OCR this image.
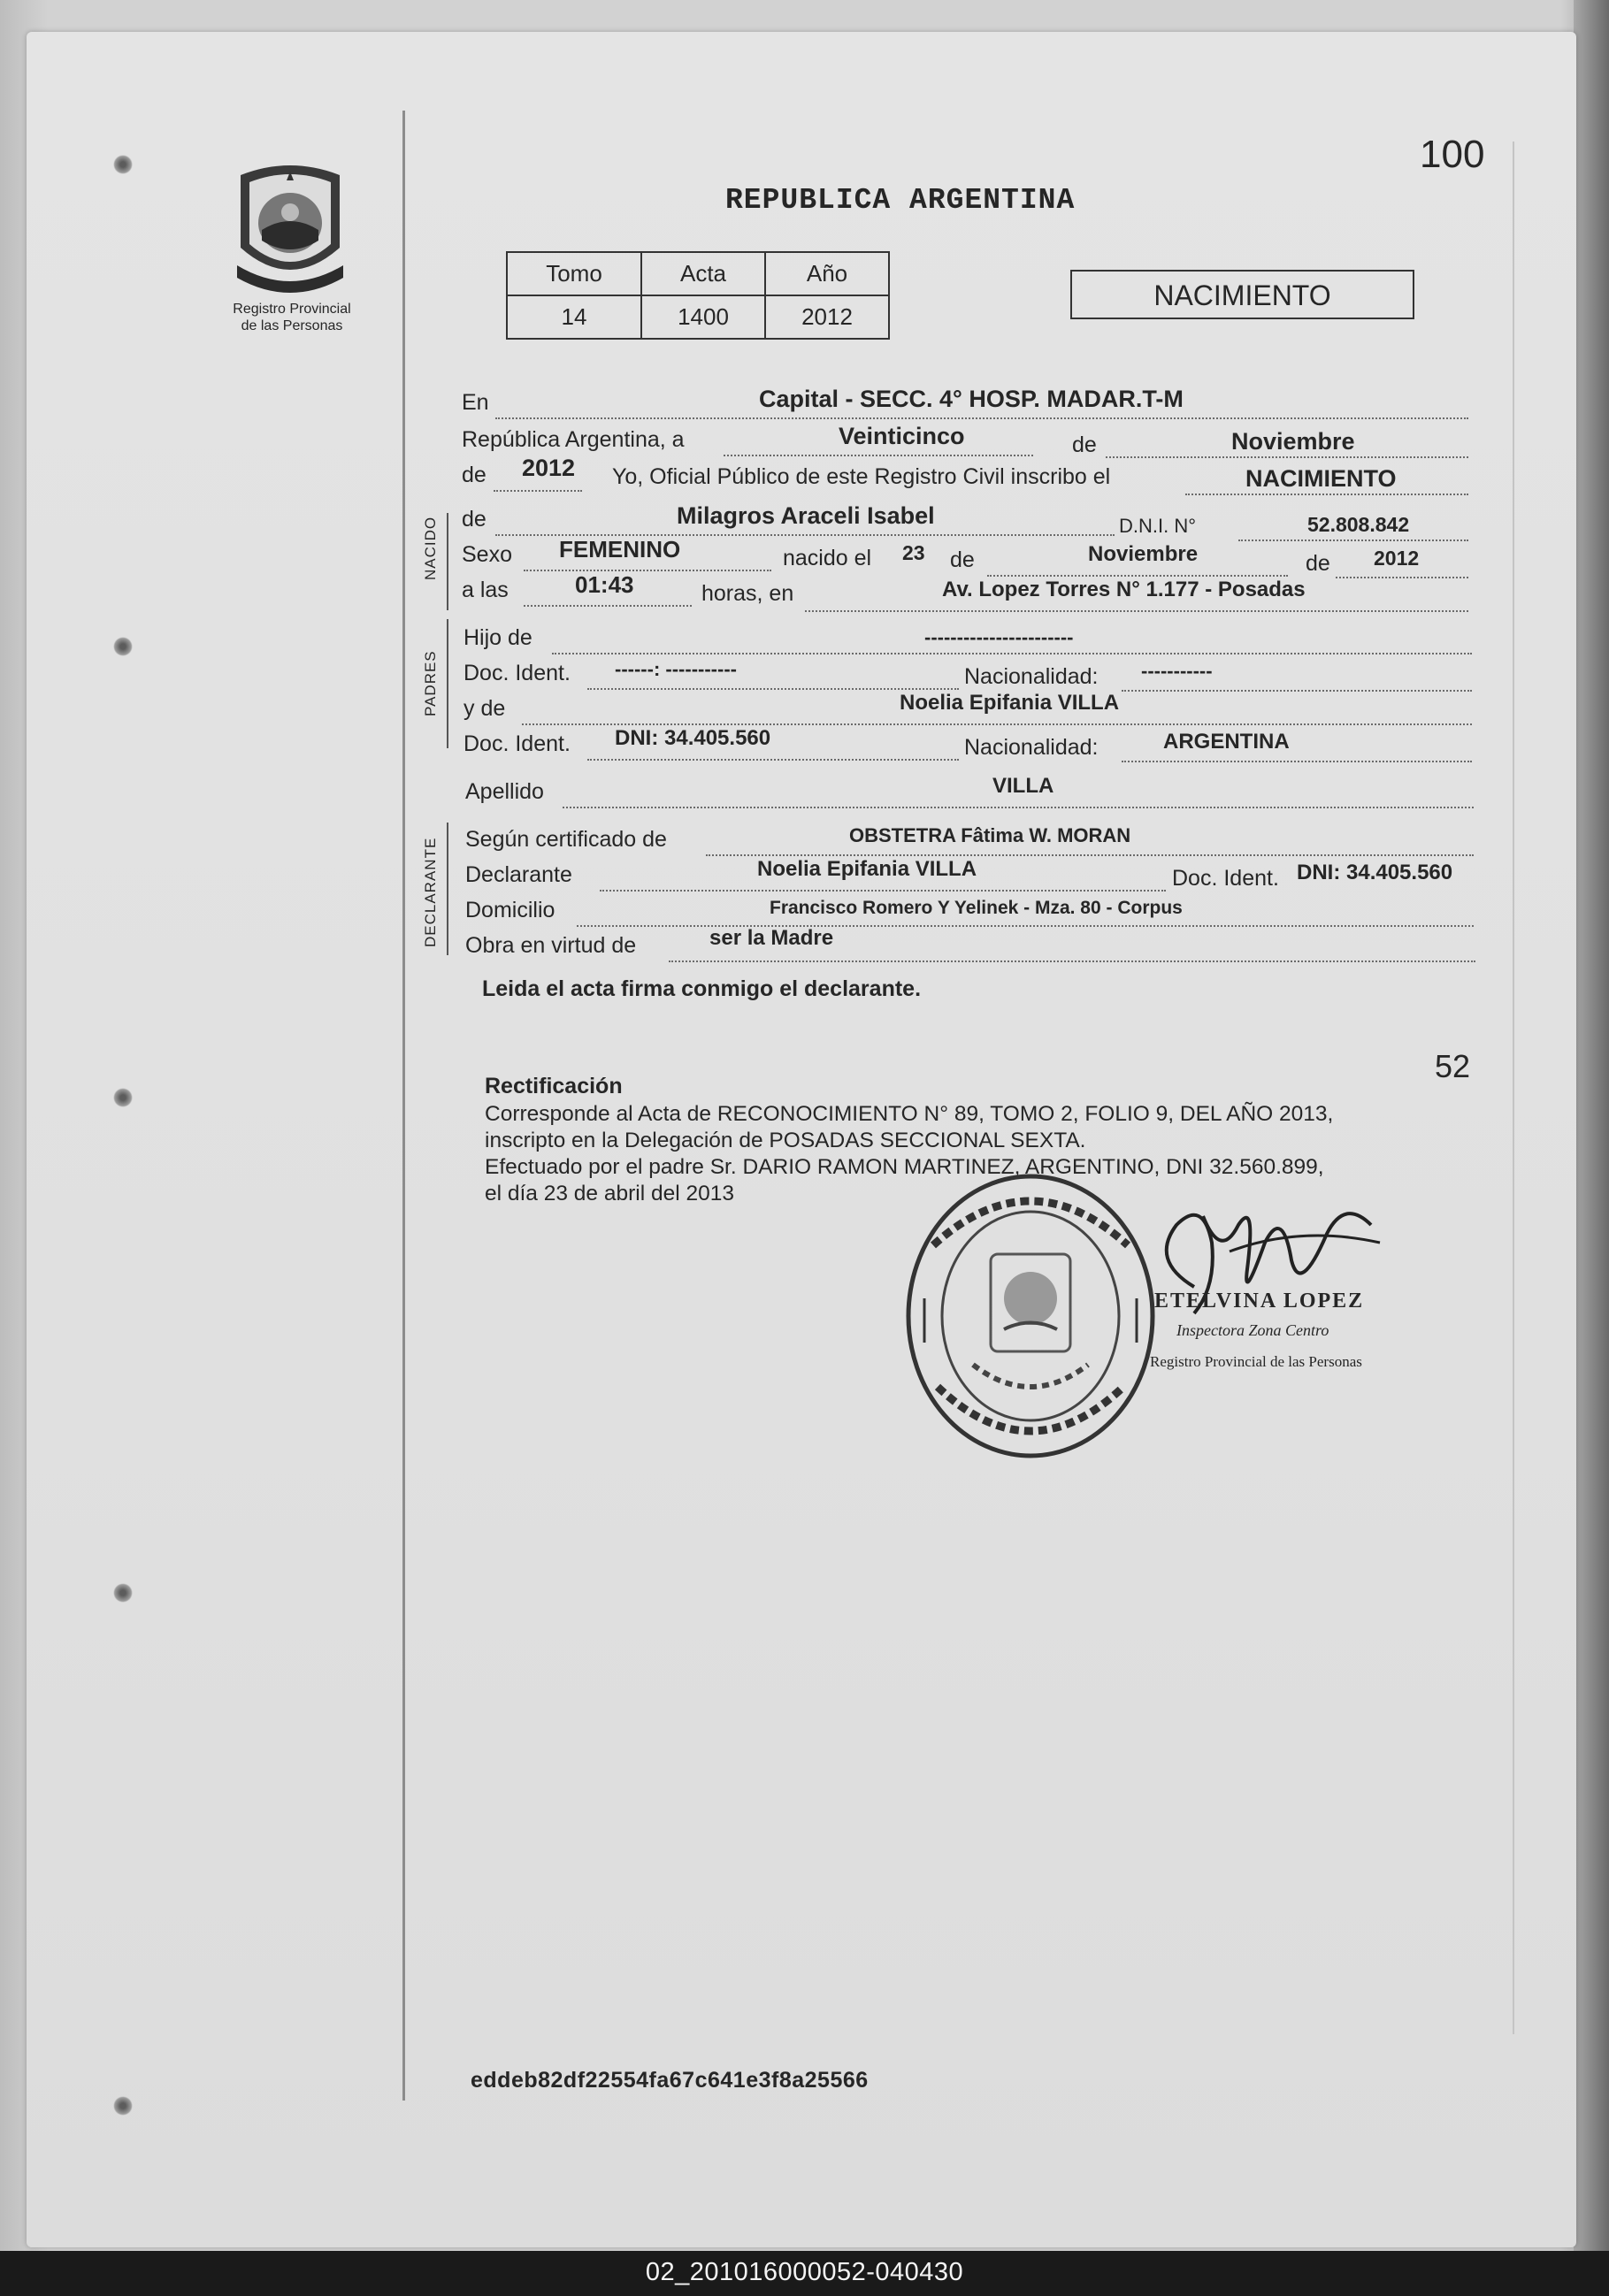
Registro Provincial
de las Personas
100
REPUBLICA ARGENTINA
Tomo	Acta	Año
14	1400	2012
NACIMIENTO
En	Capital - SECC. 4° HOSP. MADAR.T-M
República Argentina, a	Veinticinco	de	Noviembre
de 2012 Yo, Oficial Público de este Registro Civil inscribo el	NACIMIENTO
NACIDO de	Milagros Araceli Isabel	D.N.I. N°	52.808.842
Sexo FEMENINO	nacido el 23 de	Noviembre	de 2012
a las	01:43	horas, en	Av. Lopez Torres N° 1.177 - Posadas
PADRES
Hijo de	-----------------------
Doc. Ident. ------: -----------	Nacionalidad: -----------
y de	Noelia Epifania VILLA
Doc. Ident. DNI: 34.405.560	Nacionalidad:	ARGENTINA
Apellido	VILLA
DECLARANTE Según certificado de	OBSTETRA Fâtima W. MORAN
Declarante	Noelia Epifania VILLA	Doc. Ident. DNI: 34.405.560
Domicilio	Francisco Romero Y Yelinek - Mza. 80 - Corpus
Obra en virtud de	ser la Madre
Leida el acta firma conmigo el declarante.
52
Rectificación
Corresponde al Acta de RECONOCIMIENTO N° 89, TOMO 2, FOLIO 9, DEL AÑO 2013,
inscripto en la Delegación de POSADAS SECCIONAL SEXTA.
Efectuado por el padre Sr. DARIO RAMON MARTINEZ, ARGENTINO, DNI 32.560.899,
el día 23 de abril del 2013
ETELVINA LOPEZ
Inspectora Zona Centro
Registro Provincial de las Personas
eddeb82df22554fa67c641e3f8a25566
02_201016000052-040430
